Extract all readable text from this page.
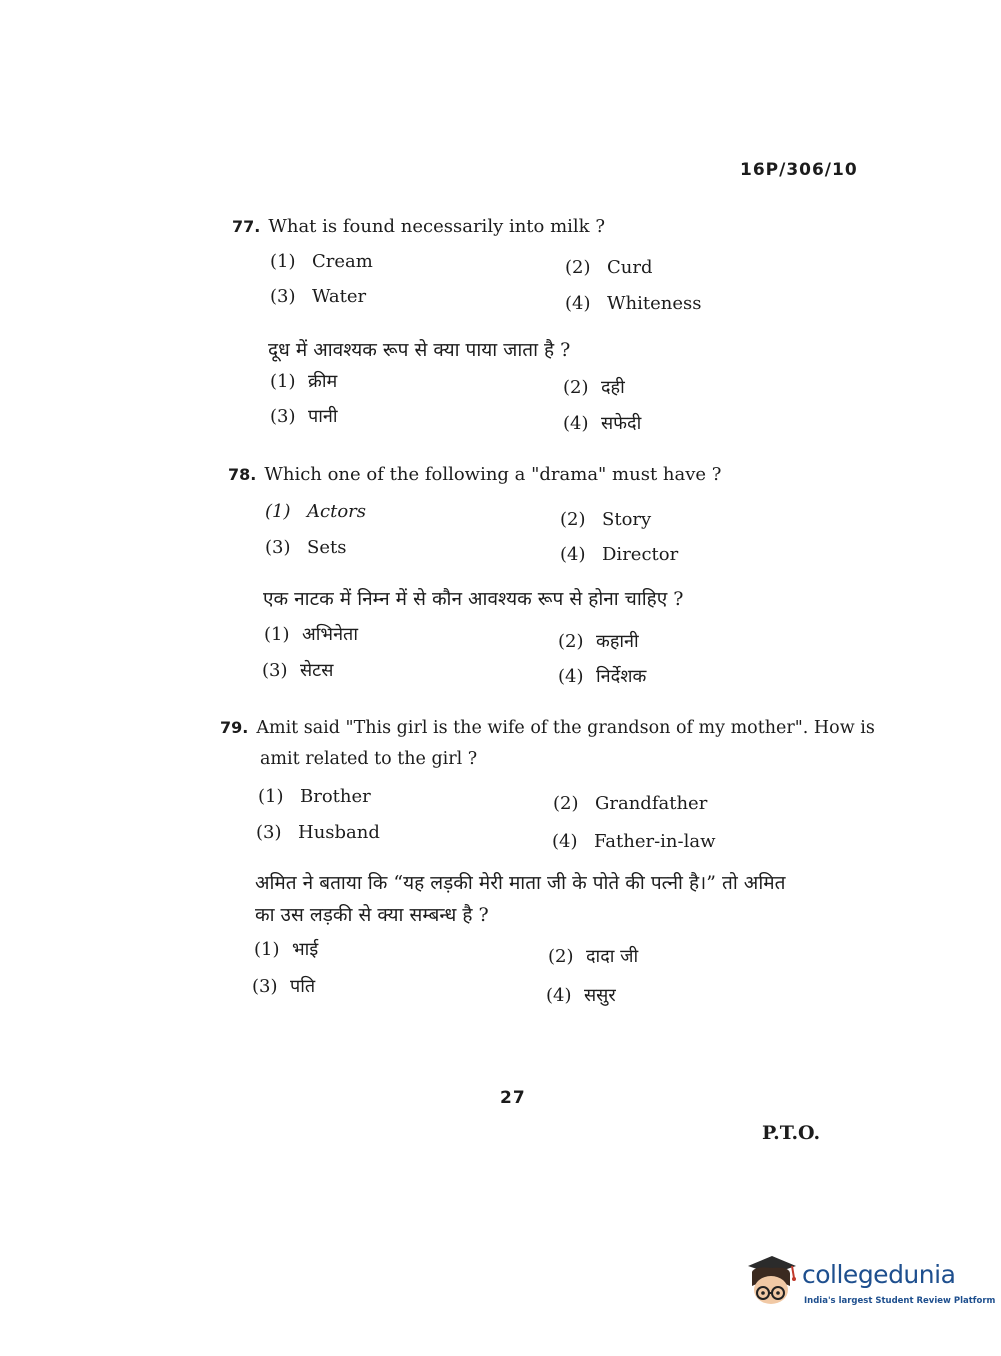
16P/306/10
77. What is found necessarily into milk ?
(1) Cream	(2) Curd
(3) Water	(4) Whiteness
दूध में आवश्यक रूप से क्या पाया जाता है ?
(1) क्रीम	(2) दही
(3) पानी	(4) सफेदी
78. Which one of the following a "drama" must have ?
(1) Actors	(2) Story
(3) Sets	(4) Director
एक नाटक में निम्न में से कौन आवश्यक रूप से होना चाहिए ?
(1) अभिनेता	(2) कहानी
(3) सेटस	(4) निर्देशक
79. Amit said "This girl is the wife of the grandson of my mother". How is
amit related to the girl ?
(1) Brother	(2) Grandfather
(3) Husband	(4) Father-in-law
अमित ने बताया कि “यह लड़की मेरी माता जी के पोते की पत्नी है।” तो अमित
का उस लड़की से क्या सम्बन्ध है ?
(1) भाई	(2) दादा जी
(3) पति	(4) ससुर
27
P.T.O.
collegedunia
India's largest Student Review Platform
